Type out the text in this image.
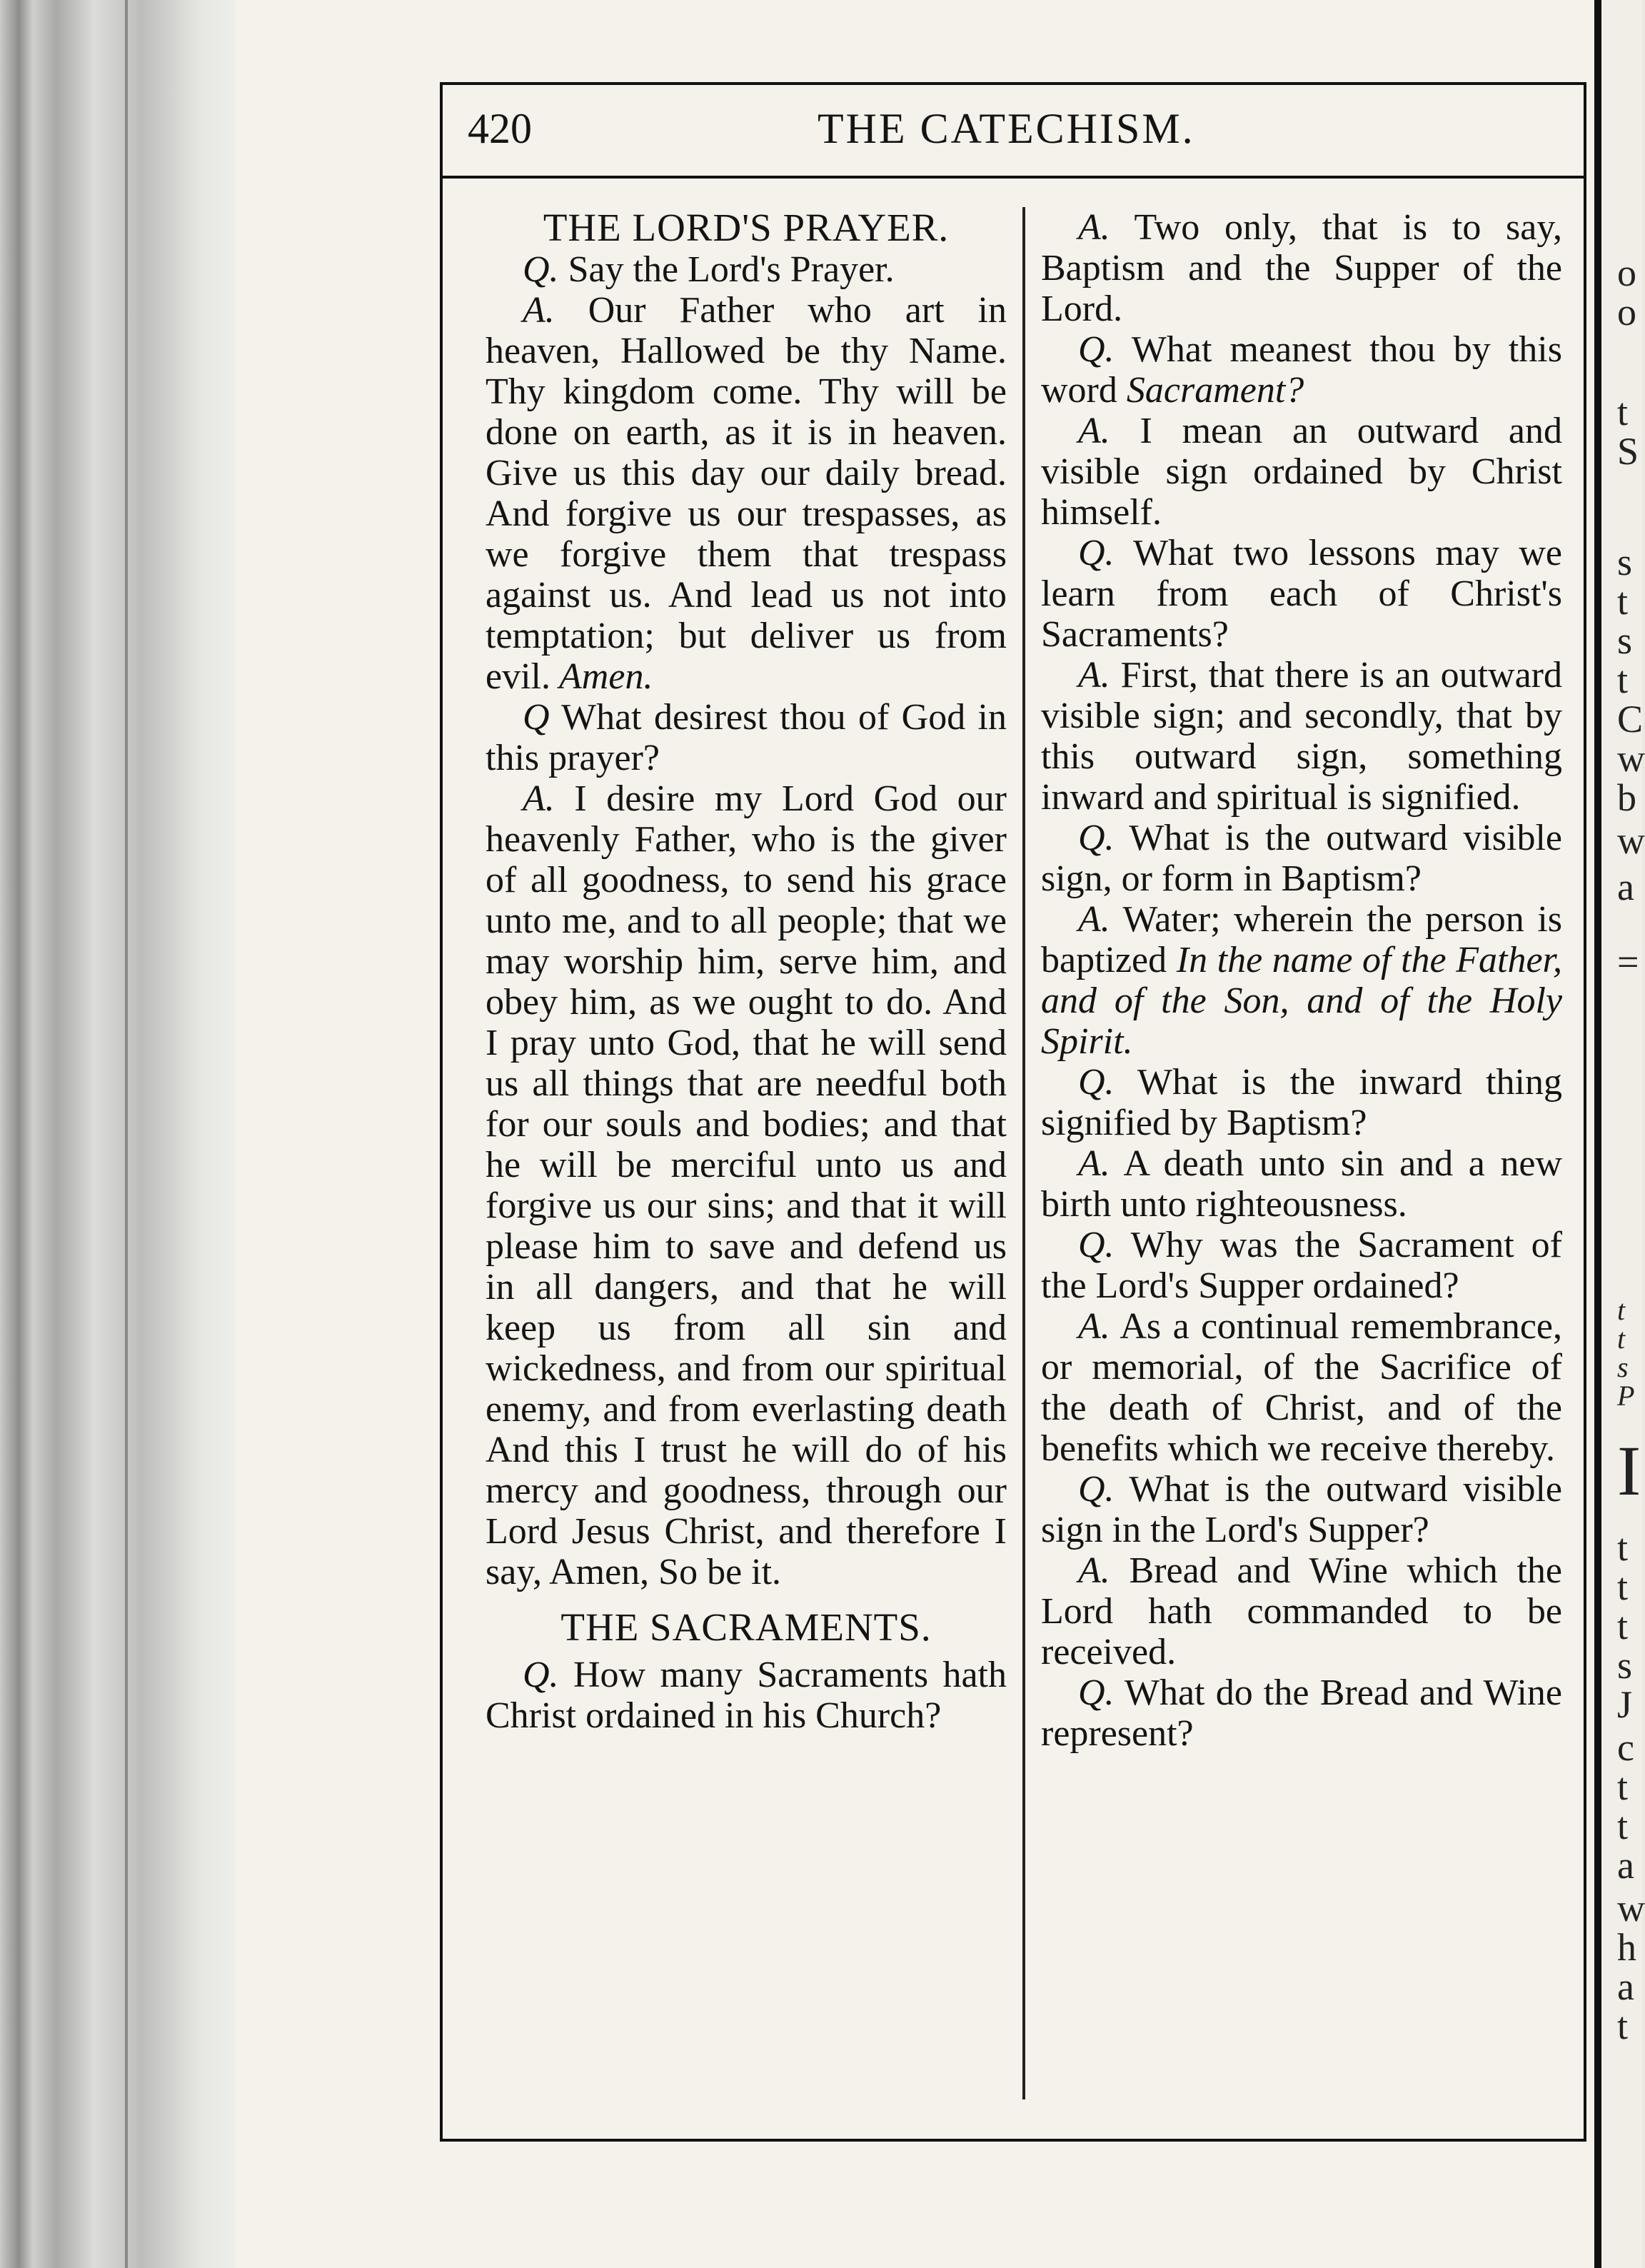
420	THE CATECHISM.
THE LORD'S PRAYER.

Q. Say the Lord's Prayer.

A. Our Father who art in heaven, Hallowed be thy Name. Thy kingdom come. Thy will be done on earth, as it is in heaven. Give us this day our daily bread. And forgive us our trespasses, as we forgive them that trespass against us. And lead us not into temptation; but deliver us from evil. Amen.

Q What desirest thou of God in this prayer?

A. I desire my Lord God our heavenly Father, who is the giver of all goodness, to send his grace unto me, and to all people; that we may worship him, serve him, and obey him, as we ought to do. And I pray unto God, that he will send us all things that are needful both for our souls and bodies; and that he will be merciful unto us and forgive us our sins; and that it will please him to save and defend us in all dangers, and that he will keep us from all sin and wickedness, and from our spiritual enemy, and from everlasting death And this I trust he will do of his mercy and goodness, through our Lord Jesus Christ, and therefore I say, Amen, So be it.

THE SACRAMENTS.

Q. How many Sacraments hath Christ ordained in his Church?

A. Two only, that is to say, Baptism and the Supper of the Lord.

Q. What meanest thou by this word Sacrament?

A. I mean an outward and visible sign ordained by Christ himself.

Q. What two lessons may we learn from each of Christ's Sacraments?

A. First, that there is an outward visible sign; and secondly, that by this outward sign, something inward and spiritual is signified.

Q. What is the outward visible sign, or form in Baptism?

A. Water; wherein the person is baptized In the name of the Father, and of the Son, and of the Holy Spirit.

Q. What is the inward thing signified by Baptism?

A. A death unto sin and a new birth unto righteousness.

Q. Why was the Sacrament of the Lord's Supper ordained?

A. As a continual remembrance, or memorial, of the Sacrifice of the death of Christ, and of the benefits which we receive thereby.

Q. What is the outward visible sign in the Lord's Supper?

A. Bread and Wine which the Lord hath commanded to be received.

Q. What do the Bread and Wine represent?

o
o
t
S
s
t
s
t
C
w
b
w
a
=
t
t
s
P
I
t
t
t
s
J
c
t
t
a
w
h
a
t
